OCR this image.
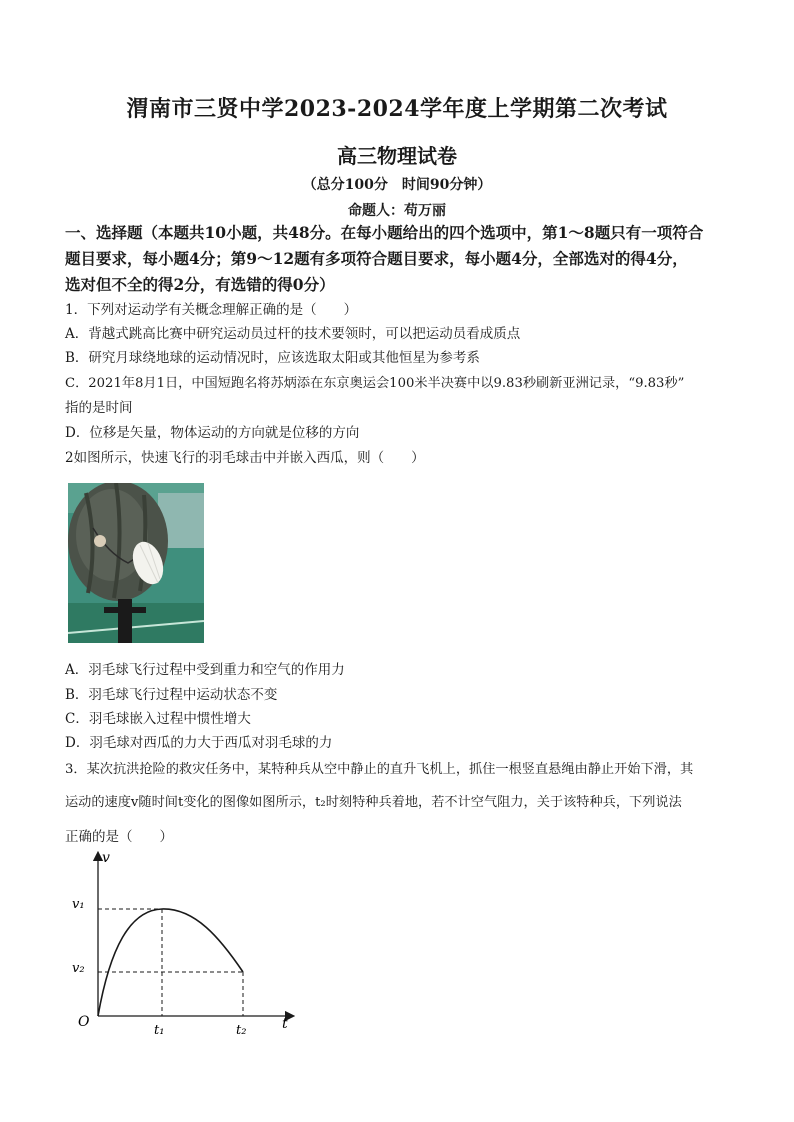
渭南市三贤中学2023-2024学年度上学期第二次考试
高三物理试卷
（总分100分　时间90分钟）
命题人：苟万丽
一、选择题（本题共10小题，共48分。在每小题给出的四个选项中，第1～8题只有一项符合
题目要求，每小题4分；第9～12题有多项符合题目要求，每小题4分，全部选对的得4分，
选对但不全的得2分，有选错的得0分）
1．下列对运动学有关概念理解正确的是（　　）
A．背越式跳高比赛中研究运动员过杆的技术要领时，可以把运动员看成质点
B．研究月球绕地球的运动情况时，应该选取太阳或其他恒星为参考系
C．2021年8月1日，中国短跑名将苏炳添在东京奥运会100米半决赛中以9.83秒刷新亚洲记录，“9.83秒”
指的是时间
D．位移是矢量，物体运动的方向就是位移的方向
2如图所示，快速飞行的羽毛球击中并嵌入西瓜，则（　　）
A．羽毛球飞行过程中受到重力和空气的作用力
B．羽毛球飞行过程中运动状态不变
C．羽毛球嵌入过程中惯性增大
D．羽毛球对西瓜的力大于西瓜对羽毛球的力
3．某次抗洪抢险的救灾任务中，某特种兵从空中静止的直升飞机上，抓住一根竖直悬绳由静止开始下滑，其
运动的速度v随时间t变化的图像如图所示，t₂时刻特种兵着地，若不计空气阻力，关于该特种兵，下列说法
正确的是（　　）
v
t
O
v₁
v₂
t₁	t₂
